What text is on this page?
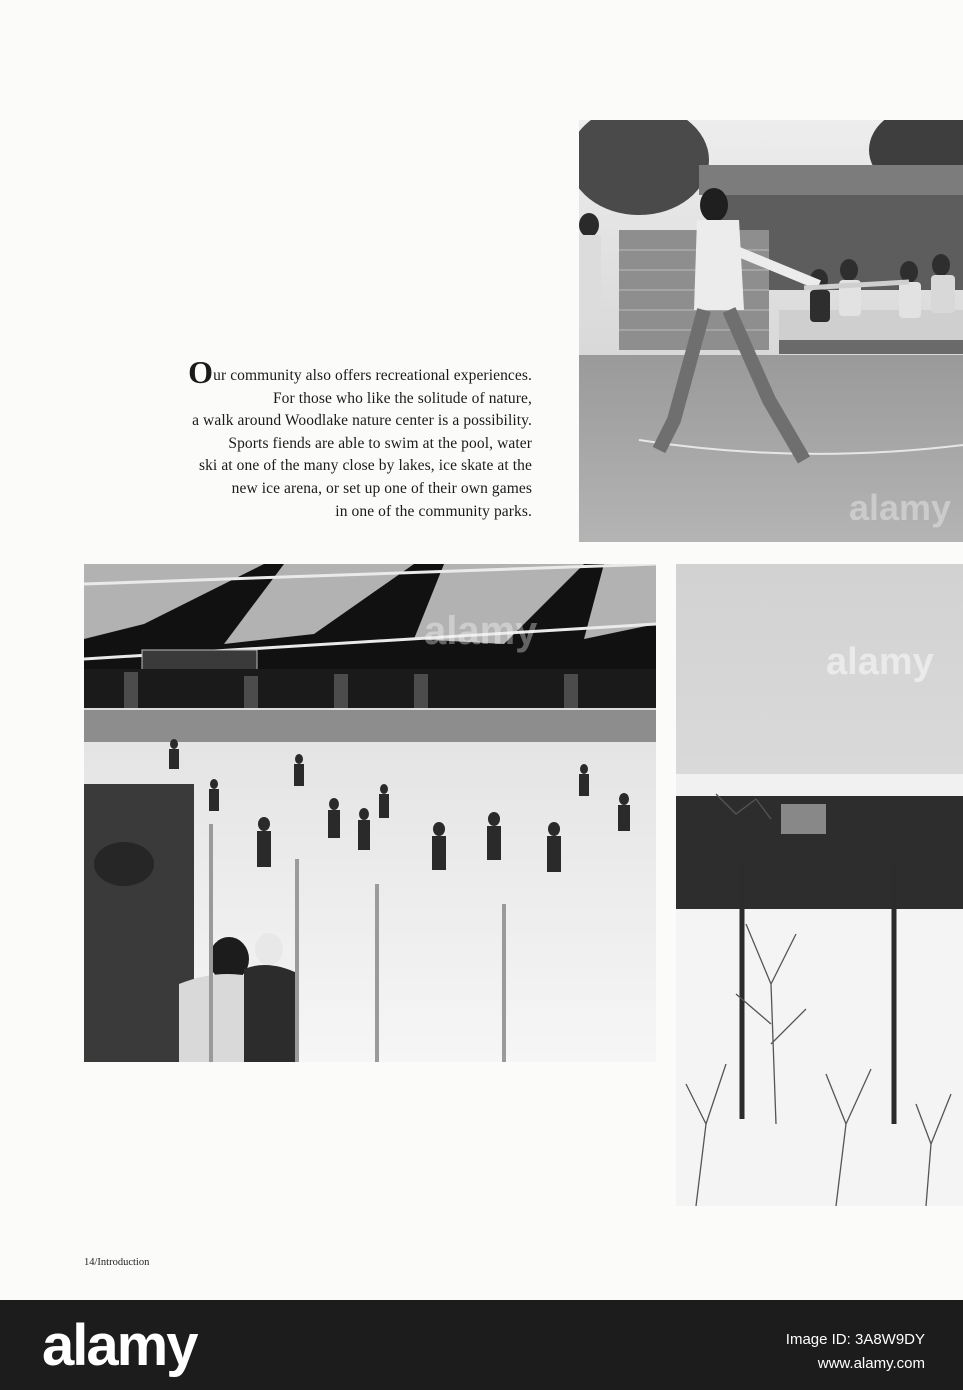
Our community also offers recreational experiences.
For those who like the solitude of nature,
a walk around Woodlake nature center is a possibility.
Sports fiends are able to swim at the pool, water
ski at one of the many close by lakes, ice skate at the
new ice arena, or set up one of their own games
in one of the community parks.	alamy
alamy
alamy
14/Introduction
alamy	Image ID: 3A8W9DY
www.alamy.com
